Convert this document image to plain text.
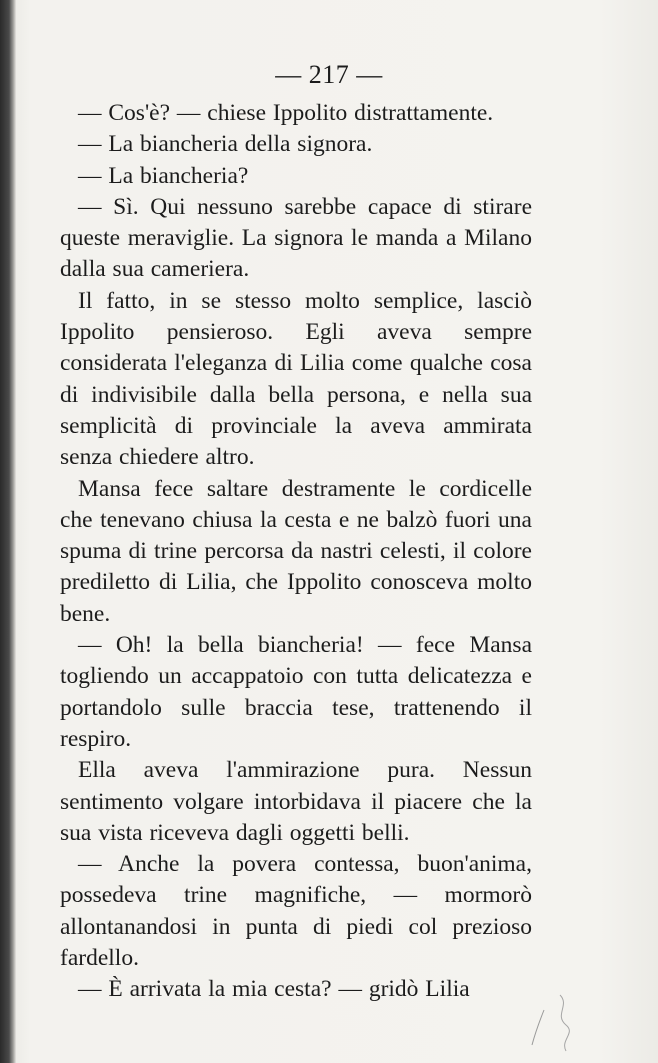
— 217 —

— Cos'è? — chiese Ippolito distrattamente.

— La biancheria della signora.

— La biancheria?

— Sì. Qui nessuno sarebbe capace di stirare queste meraviglie. La signora le manda a Milano dalla sua cameriera.

Il fatto, in se stesso molto semplice, lasciò Ippolito pensieroso. Egli aveva sempre considerata l'eleganza di Lilia come qualche cosa di indivisibile dalla bella persona, e nella sua semplicità di provinciale la aveva ammirata senza chiedere altro.

Mansa fece saltare destramente le cordicelle che tenevano chiusa la cesta e ne balzò fuori una spuma di trine percorsa da nastri celesti, il colore prediletto di Lilia, che Ippolito conosceva molto bene.

— Oh! la bella biancheria! — fece Mansa togliendo un accappatoio con tutta delicatezza e portandolo sulle braccia tese, trattenendo il respiro.

Ella aveva l'ammirazione pura. Nessun sentimento volgare intorbidava il piacere che la sua vista riceveva dagli oggetti belli.

— Anche la povera contessa, buon'anima, possedeva trine magnifiche, — mormorò allontanandosi in punta di piedi col prezioso fardello.

— È arrivata la mia cesta? — gridò Lilia
